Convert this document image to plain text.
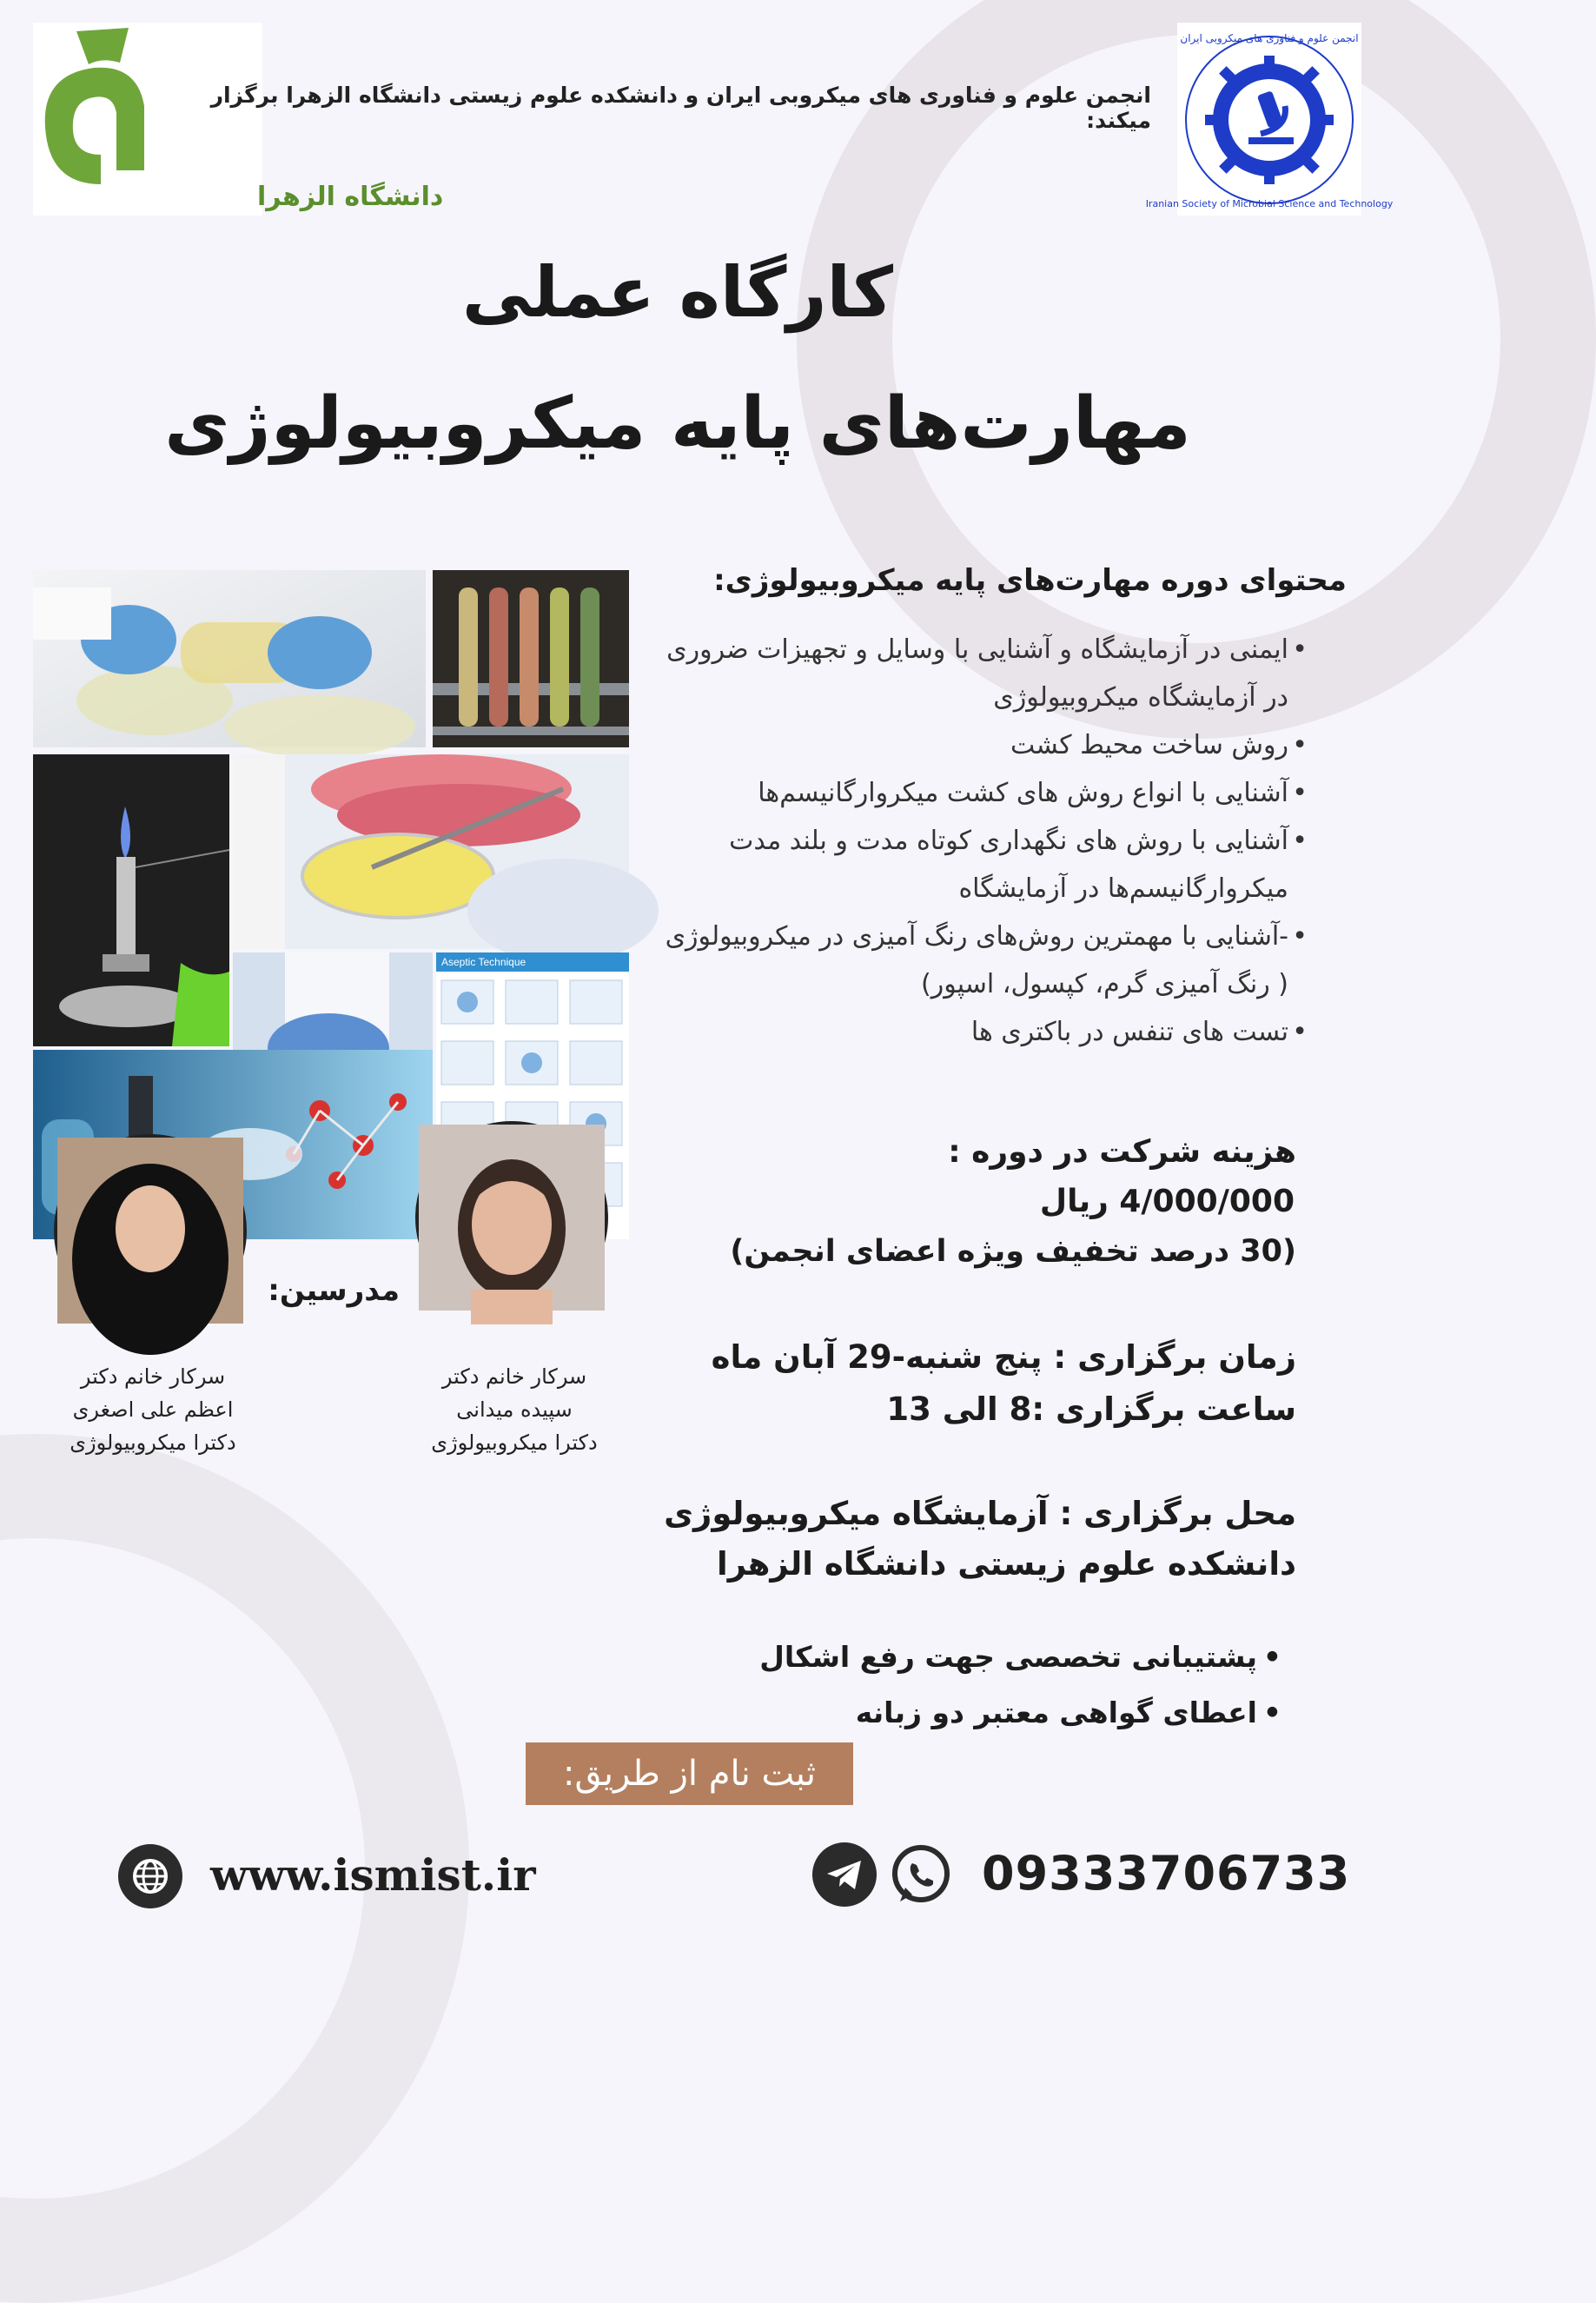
دانشگاه الزهرا
انجمن علوم و فناوری های میکروبی ایران و دانشکده علوم زیستی دانشگاه الزهرا برگزار میکند:
Iranian Society of Microbial Science and Technology
انجمن علوم و فناوری های میکروبی ایران
کارگاه عملی
مهارت‌های پایه میکروبیولوژی
Aseptic Technique
مدرسین:
سرکار خانم دکتر
سپیده میدانی
دکترا میکروبیولوژی
سرکار خانم دکتر
اعظم علی اصغری
دکترا میکروبیولوژی
محتوای دوره مهارت‌های پایه میکروبیولوژی:
• ایمنی در آزمایشگاه و آشنایی با وسایل و تجهیزات ضروری در آزمایشگاه میکروبیولوژی
• روش ساخت محیط کشت
• آشنایی با انواع روش های کشت میکروارگانیسم‌ها
• آشنایی با روش های نگهداری کوتاه مدت و بلند مدت میکروارگانیسم‌ها در آزمایشگاه
• -آشنایی با مهمترین روش‌های رنگ آمیزی در میکروبیولوژی ( رنگ آمیزی گرم، کپسول، اسپور)
• تست های تنفس در باکتری ها
هزینه شرکت در دوره :
4/000/000 ریال
(30 درصد تخفیف ویژه اعضای انجمن)
زمان برگزاری : پنج شنبه-29 آبان ماه
ساعت برگزاری :8 الی 13
محل برگزاری : آزمایشگاه میکروبیولوژی
دانشکده علوم زیستی دانشگاه الزهرا
• پشتیبانی تخصصی جهت رفع اشکال
• اعطای گواهی معتبر دو زبانه
ثبت نام از طریق:
www.ismist.ir	09333706733
